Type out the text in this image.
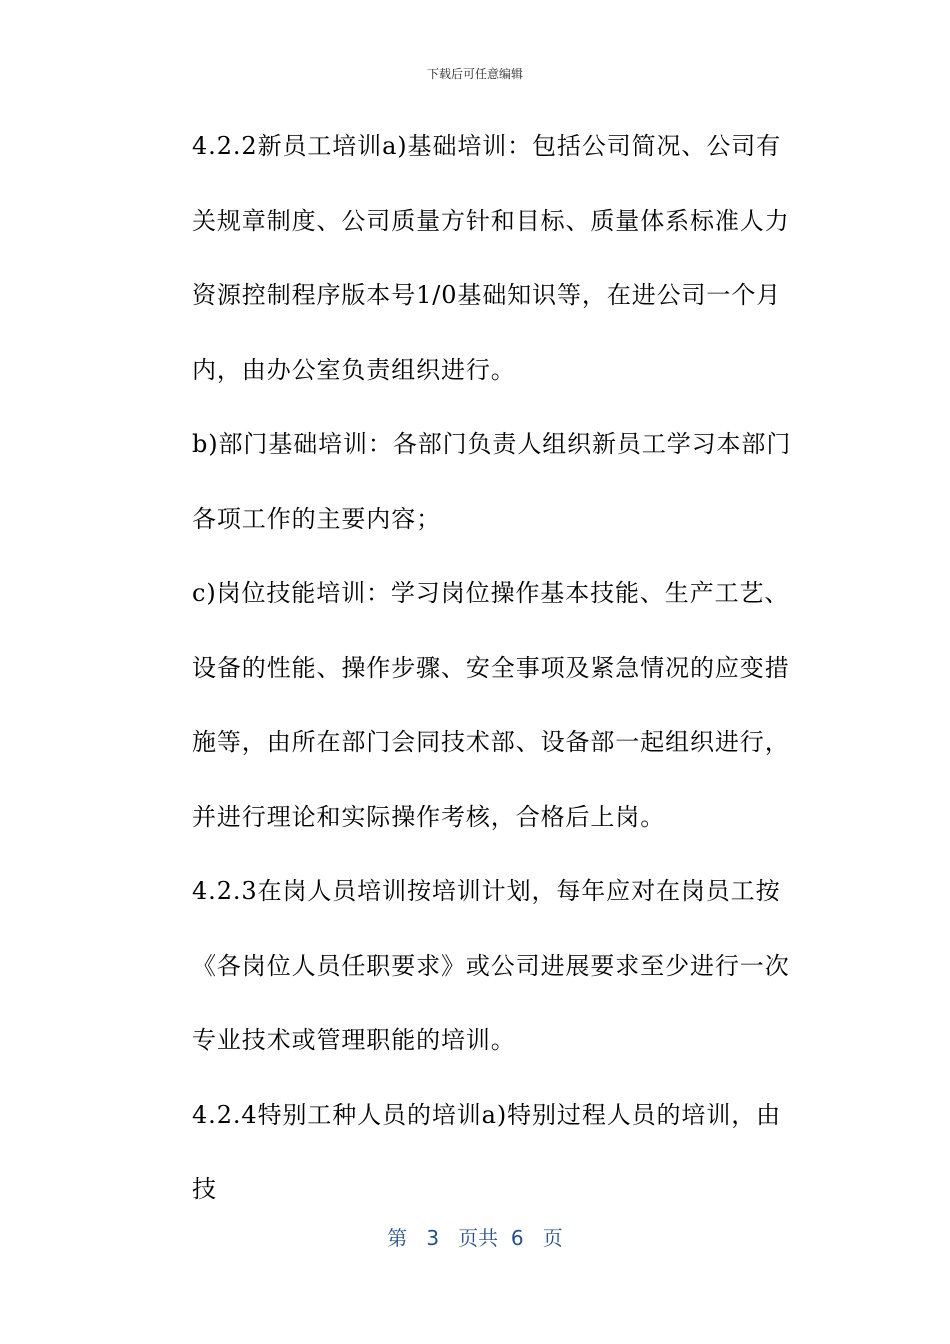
下载后可任意编辑

4.2.2新员工培训a)基础培训：包括公司简况、公司有关规章制度、公司质量方针和目标、质量体系标准人力资源控制程序版本号1/0基础知识等，在进公司一个月内，由办公室负责组织进行。

b)部门基础培训：各部门负责人组织新员工学习本部门各项工作的主要内容；

c)岗位技能培训：学习岗位操作基本技能、生产工艺、设备的性能、操作步骤、安全事项及紧急情况的应变措施等，由所在部门会同技术部、设备部一起组织进行，并进行理论和实际操作考核，合格后上岗。

4.2.3在岗人员培训按培训计划，每年应对在岗员工按《各岗位人员任职要求》或公司进展要求至少进行一次专业技术或管理职能的培训。

4.2.4特别工种人员的培训a)特别过程人员的培训，由技

第 3 页共 6 页
